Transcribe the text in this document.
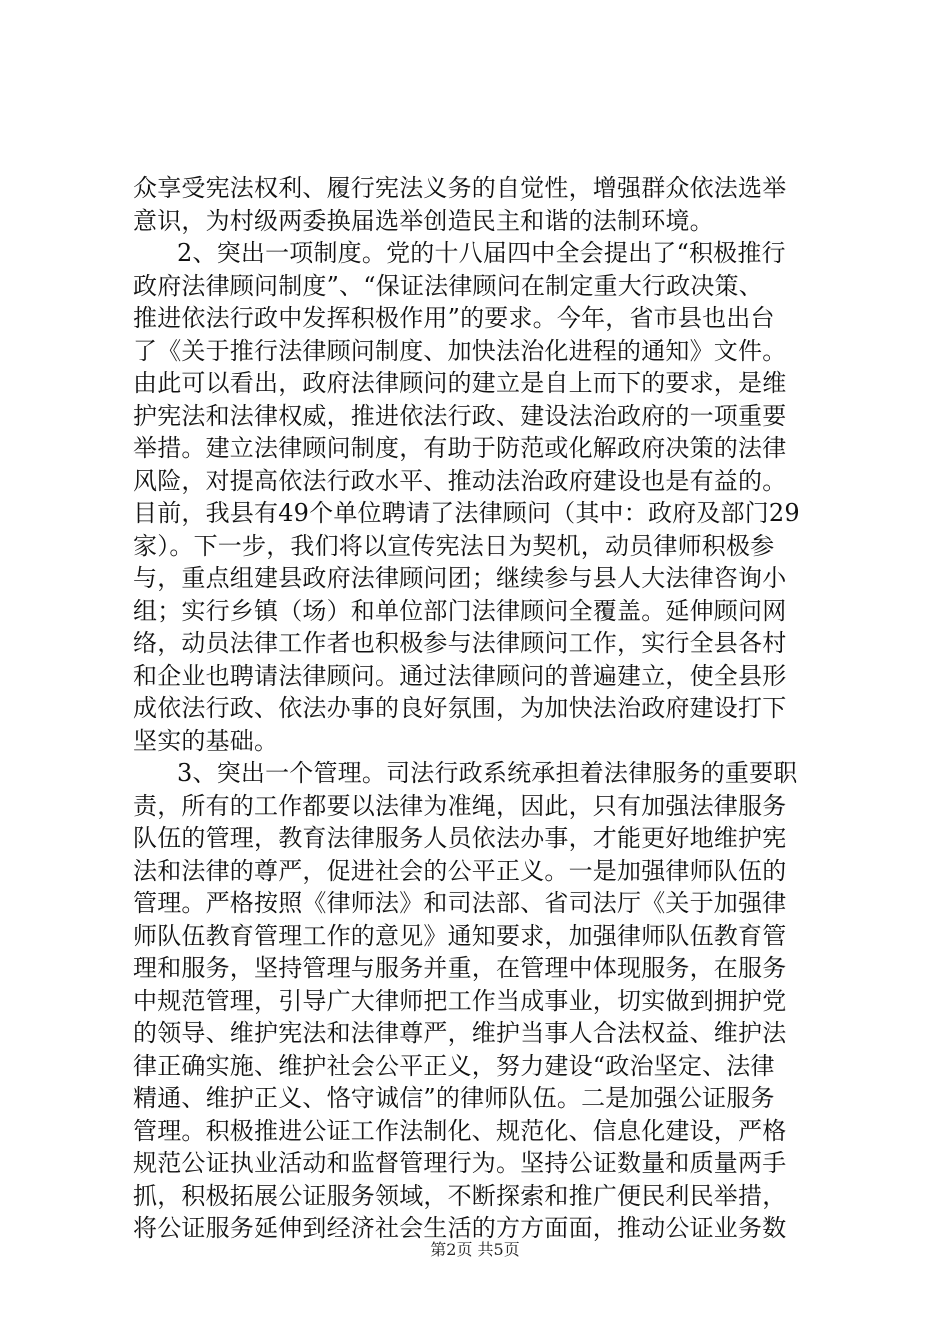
众享受宪法权利、履行宪法义务的自觉性，增强群众依法选举
意识，为村级两委换届选举创造民主和谐的法制环境。
2、突出一项制度。党的十八届四中全会提出了“积极推行
政府法律顾问制度”、“保证法律顾问在制定重大行政决策、
推进依法行政中发挥积极作用”的要求。今年，省市县也出台
了《关于推行法律顾问制度、加快法治化进程的通知》文件。
由此可以看出，政府法律顾问的建立是自上而下的要求，是维
护宪法和法律权威，推进依法行政、建设法治政府的一项重要
举措。建立法律顾问制度，有助于防范或化解政府决策的法律
风险，对提高依法行政水平、推动法治政府建设也是有益的。
目前，我县有49个单位聘请了法律顾问（其中：政府及部门29
家）。下一步，我们将以宣传宪法日为契机，动员律师积极参
与，重点组建县政府法律顾问团；继续参与县人大法律咨询小
组；实行乡镇（场）和单位部门法律顾问全覆盖。延伸顾问网
络，动员法律工作者也积极参与法律顾问工作，实行全县各村
和企业也聘请法律顾问。通过法律顾问的普遍建立，使全县形
成依法行政、依法办事的良好氛围，为加快法治政府建设打下
坚实的基础。
3、突出一个管理。司法行政系统承担着法律服务的重要职
责，所有的工作都要以法律为准绳，因此，只有加强法律服务
队伍的管理，教育法律服务人员依法办事，才能更好地维护宪
法和法律的尊严，促进社会的公平正义。一是加强律师队伍的
管理。严格按照《律师法》和司法部、省司法厅《关于加强律
师队伍教育管理工作的意见》通知要求，加强律师队伍教育管
理和服务，坚持管理与服务并重，在管理中体现服务，在服务
中规范管理，引导广大律师把工作当成事业，切实做到拥护党
的领导、维护宪法和法律尊严，维护当事人合法权益、维护法
律正确实施、维护社会公平正义，努力建设“政治坚定、法律
精通、维护正义、恪守诚信”的律师队伍。二是加强公证服务
管理。积极推进公证工作法制化、规范化、信息化建设，严格
规范公证执业活动和监督管理行为。坚持公证数量和质量两手
抓，积极拓展公证服务领域，不断探索和推广便民利民举措，
将公证服务延伸到经济社会生活的方方面面，推动公证业务数
第2页 共5页
